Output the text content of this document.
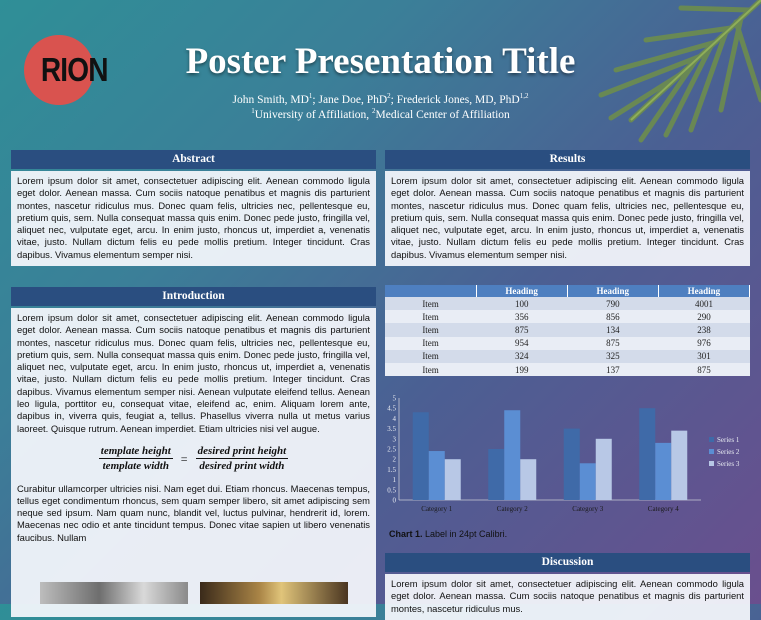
RION	Poster Presentation Title
John Smith, $MD^1$; Jane Doe, PhD$^2$; Frederick Jones, MD, PhD$^{1,2}$
$^1$University of Affiliation, $^2$Medical Center of Affiliation
Abstract
Lorem ipsum dolor sit amet, consectetuer adipiscing elit. Aenean commodo ligula eget dolor. Aenean massa. Cum sociis natoque penatibus et magnis dis parturient montes, nascetur ridiculus mus. Donec quam felis, ultricies nec, pellentesque eu, pretium quis, sem. Nulla consequat massa quis enim. Donec pede justo, fringilla vel, aliquet nec, vulputate eget, arcu. In enim justo, rhoncus ut, imperdiet a, venenatis vitae, justo. Nullam dictum felis eu pede mollis pretium. Integer tincidunt. Cras dapibus. Vivamus elementum semper nisi.
Results
Lorem ipsum dolor sit amet, consectetuer adipiscing elit. Aenean commodo ligula eget dolor. Aenean massa. Cum sociis natoque penatibus et magnis dis parturient montes, nascetur ridiculus mus. Donec quam felis, ultricies nec, pellentesque eu, pretium quis, sem. Nulla consequat massa quis enim. Donec pede justo, fringilla vel, aliquet nec, vulputate eget, arcu. In enim justo, rhoncus ut, imperdiet a, venenatis vitae, justo. Nullam dictum felis eu pede mollis pretium. Integer tincidunt. Cras dapibus. Vivamus elementum semper nisi.
Introduction
Lorem ipsum dolor sit amet, consectetuer adipiscing elit. Aenean commodo ligula eget dolor. Aenean massa. Cum sociis natoque penatibus et magnis dis parturient montes, nascetur ridiculus mus. Donec quam felis, ultricies nec, pellentesque eu, pretium quis, sem. Nulla consequat massa quis enim. Donec pede justo, fringilla vel, aliquet nec, vulputate eget, arcu. In enim justo, rhoncus ut, imperdiet a, venenatis vitae, justo. Nullam dictum felis eu pede mollis pretium. Integer tincidunt. Cras dapibus. Vivamus elementum semper nisi. Aenean vulputate eleifend tellus. Aenean leo ligula, porttitor eu, consequat vitae, eleifend ac, enim. Aliquam lorem ante, dapibus in, viverra quis, feugiat a, tellus. Phasellus viverra nulla ut metus varius laoreet. Quisque rutrum. Aenean imperdiet. Etiam ultricies nisi vel augue.
$\frac{\text{template height}}{\text{template width}} = \frac{\text{desired print height}}{\text{desired print width}}$
Curabitur ullamcorper ultricies nisi. Nam eget dui. Etiam rhoncus. Maecenas tempus, tellus eget condimentum rhoncus, sem quam semper libero, sit amet adipiscing sem neque sed ipsum. Nam quam nunc, blandit vel, luctus pulvinar, hendrerit id, lorem. Maecenas nec odio et ante tincidunt tempus. Donec vitae sapien ut libero venenatis faucibus. Nullam
	Heading	Heading	Heading
Item	100	790	4001
Item	356	856	290
Item	875	134	238
Item	954	875	976
Item	324	325	301
Item	199	137	875
0
0.5
1
1.5
2
2.5
3
3.5
4
4.5
5
Category 1	Category 2	Category 3	Category 4
Series 1
Series 2
Series 3
Chart 1. Label in 24pt Calibri.
Discussion
Lorem ipsum dolor sit amet, consectetuer adipiscing elit. Aenean commodo ligula eget dolor. Aenean massa. Cum sociis natoque penatibus et magnis dis parturient montes, nascetur ridiculus mus.
